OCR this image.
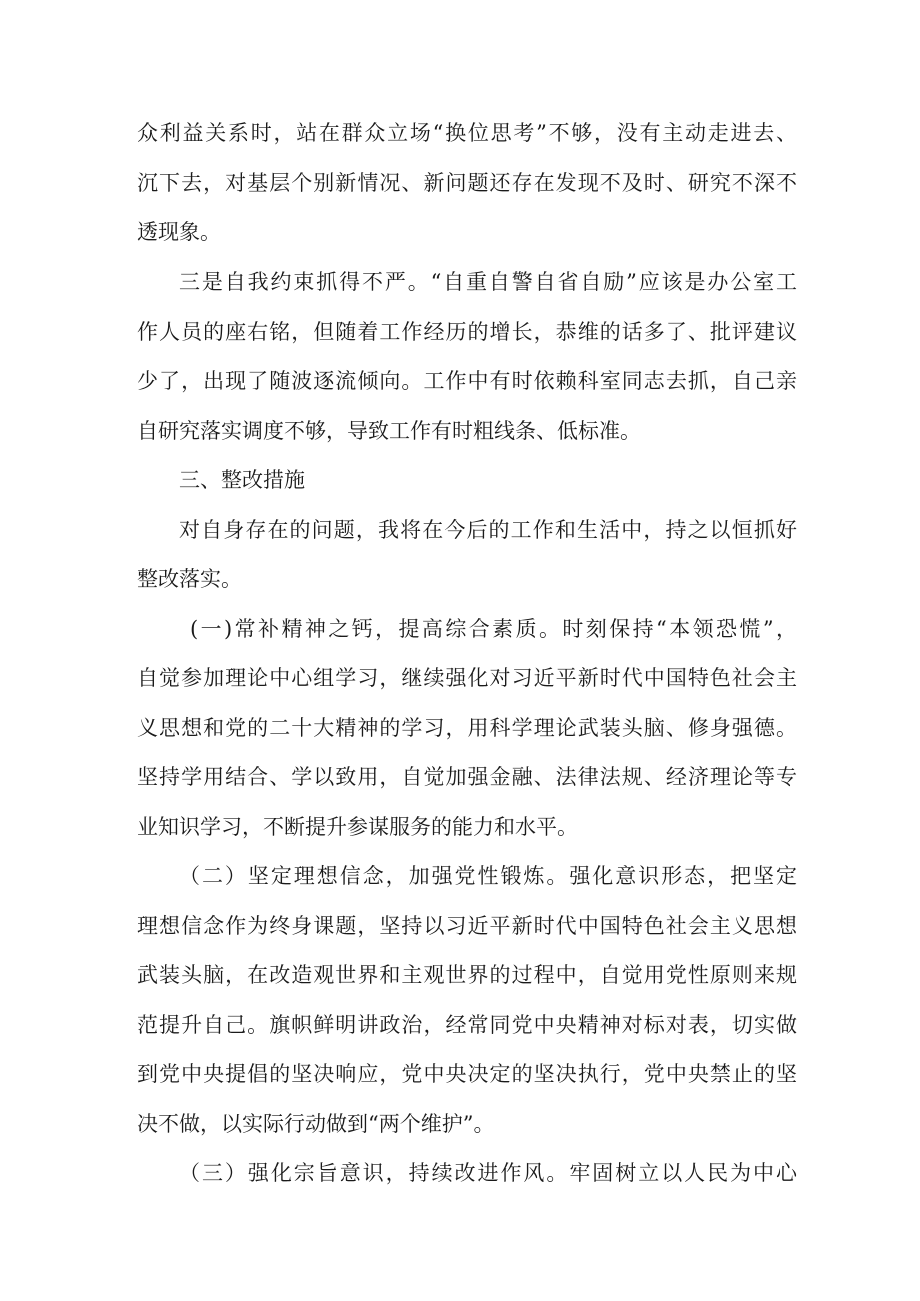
众利益关系时，站在群众立场“换位思考”不够，没有主动走进去、
沉下去，对基层个别新情况、新问题还存在发现不及时、研究不深不
透现象。
三是自我约束抓得不严。“自重自警自省自励”应该是办公室工
作人员的座右铭，但随着工作经历的增长，恭维的话多了、批评建议
少了，出现了随波逐流倾向。工作中有时依赖科室同志去抓，自己亲
自研究落实调度不够，导致工作有时粗线条、低标准。
三、整改措施
对自身存在的问题，我将在今后的工作和生活中，持之以恒抓好
整改落实。
(一)常补精神之钙，提高综合素质。时刻保持“本领恐慌”，
自觉参加理论中心组学习，继续强化对习近平新时代中国特色社会主
义思想和党的二十大精神的学习，用科学理论武装头脑、修身强德。
坚持学用结合、学以致用，自觉加强金融、法律法规、经济理论等专
业知识学习，不断提升参谋服务的能力和水平。
（二）坚定理想信念，加强党性锻炼。强化意识形态，把坚定
理想信念作为终身课题，坚持以习近平新时代中国特色社会主义思想
武装头脑，在改造观世界和主观世界的过程中，自觉用党性原则来规
范提升自己。旗帜鲜明讲政治，经常同党中央精神对标对表，切实做
到党中央提倡的坚决响应，党中央决定的坚决执行，党中央禁止的坚
决不做，以实际行动做到“两个维护”。
（三）强化宗旨意识，持续改进作风。牢固树立以人民为中心
